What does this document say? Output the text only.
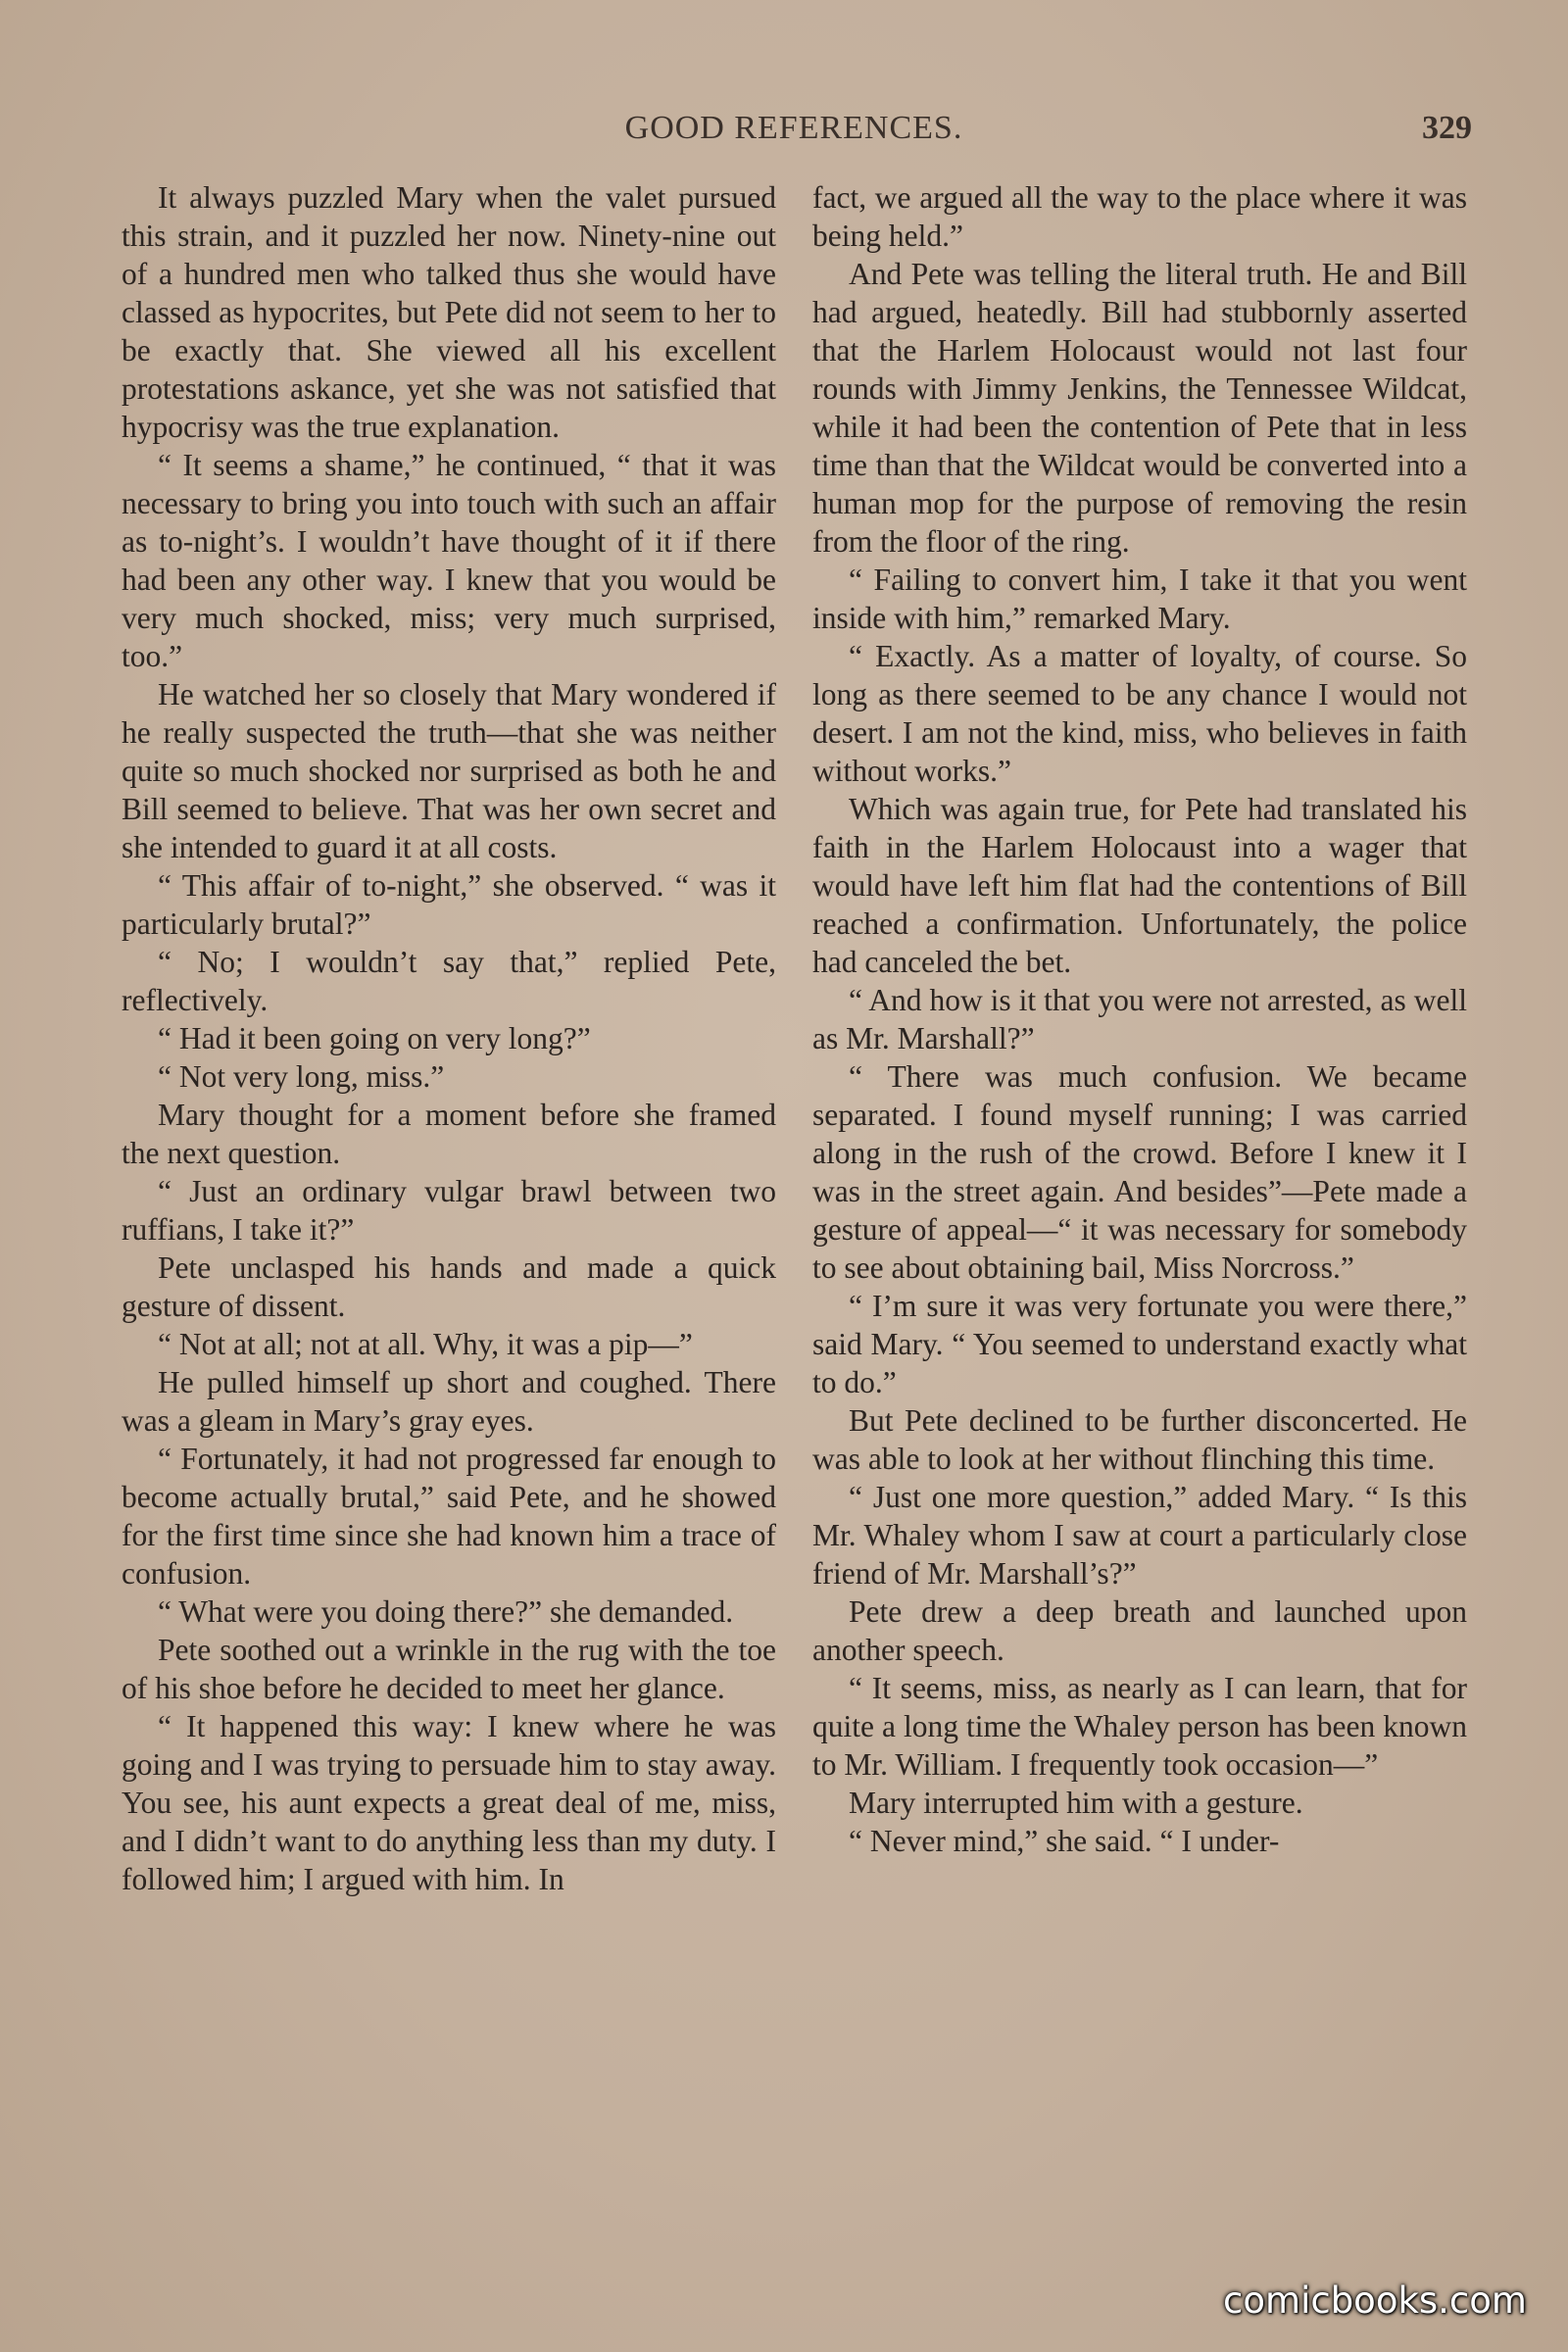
GOOD REFERENCES.	329

It always puzzled Mary when the valet pursued this strain, and it puzzled her now. Ninety-nine out of a hundred men who talked thus she would have classed as hypocrites, but Pete did not seem to her to be exactly that. She viewed all his excellent protestations askance, yet she was not satisfied that hypocrisy was the true explanation.

“ It seems a shame,” he continued, “ that it was necessary to bring you into touch with such an affair as to-night’s. I wouldn’t have thought of it if there had been any other way. I knew that you would be very much shocked, miss; very much surprised, too.”

He watched her so closely that Mary wondered if he really suspected the truth—that she was neither quite so much shocked nor surprised as both he and Bill seemed to believe. That was her own secret and she intended to guard it at all costs.

“ This affair of to-night,” she observed. “ was it particularly brutal?”

“ No; I wouldn’t say that,” replied Pete, reflectively.

“ Had it been going on very long?”

“ Not very long, miss.”

Mary thought for a moment before she framed the next question.

“ Just an ordinary vulgar brawl between two ruffians, I take it?”

Pete unclasped his hands and made a quick gesture of dissent.

“ Not at all; not at all. Why, it was a pip—”

He pulled himself up short and coughed. There was a gleam in Mary’s gray eyes.

“ Fortunately, it had not progressed far enough to become actually brutal,” said Pete, and he showed for the first time since she had known him a trace of confusion.

“ What were you doing there?” she demanded.

Pete soothed out a wrinkle in the rug with the toe of his shoe before he decided to meet her glance.

“ It happened this way: I knew where he was going and I was trying to persuade him to stay away. You see, his aunt expects a great deal of me, miss, and I didn’t want to do anything less than my duty. I followed him; I argued with him. In

fact, we argued all the way to the place where it was being held.”

And Pete was telling the literal truth. He and Bill had argued, heatedly. Bill had stubbornly asserted that the Harlem Holocaust would not last four rounds with Jimmy Jenkins, the Tennessee Wildcat, while it had been the contention of Pete that in less time than that the Wildcat would be converted into a human mop for the purpose of removing the resin from the floor of the ring.

“ Failing to convert him, I take it that you went inside with him,” remarked Mary.

“ Exactly. As a matter of loyalty, of course. So long as there seemed to be any chance I would not desert. I am not the kind, miss, who believes in faith without works.”

Which was again true, for Pete had translated his faith in the Harlem Holocaust into a wager that would have left him flat had the contentions of Bill reached a confirmation. Unfortunately, the police had canceled the bet.

“ And how is it that you were not arrested, as well as Mr. Marshall?”

“ There was much confusion. We became separated. I found myself running; I was carried along in the rush of the crowd. Before I knew it I was in the street again. And besides”—Pete made a gesture of appeal—“ it was necessary for somebody to see about obtaining bail, Miss Norcross.”

“ I’m sure it was very fortunate you were there,” said Mary. “ You seemed to understand exactly what to do.”

But Pete declined to be further disconcerted. He was able to look at her without flinching this time.

“ Just one more question,” added Mary. “ Is this Mr. Whaley whom I saw at court a particularly close friend of Mr. Marshall’s?”

Pete drew a deep breath and launched upon another speech.

“ It seems, miss, as nearly as I can learn, that for quite a long time the Whaley person has been known to Mr. William. I frequently took occasion—”

Mary interrupted him with a gesture.

“ Never mind,” she said. “ I under-

comicbooks.com
